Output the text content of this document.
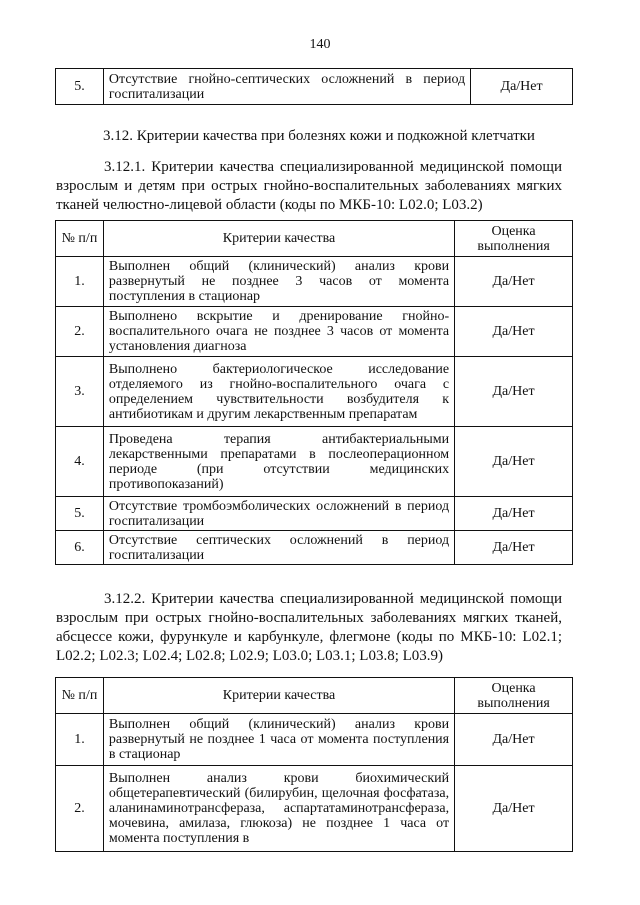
140
5.	Отсутствие гнойно-септических осложнений в период госпитализации	Да/Нет
3.12. Критерии качества при болезнях кожи и подкожной клетчатки
3.12.1. Критерии качества специализированной медицинской помощи взрослым и детям при острых гнойно-воспалительных заболеваниях мягких тканей челюстно-лицевой области (коды по МКБ-10: L02.0; L03.2)
№ п/п	Критерии качества	Оценка выполнения
1.	Выполнен общий (клинический) анализ крови развернутый не позднее 3 часов от момента поступления в стационар	Да/Нет
2.	Выполнено вскрытие и дренирование гнойно-воспалительного очага не позднее 3 часов от момента установления диагноза	Да/Нет
3.	Выполнено бактериологическое исследование отделяемого из гнойно-воспалительного очага с определением чувствительности возбудителя к антибиотикам и другим лекарственным препаратам	Да/Нет
4.	Проведена терапия антибактериальными лекарственными препаратами в послеоперационном периоде (при отсутствии медицинских противопоказаний)	Да/Нет
5.	Отсутствие тромбоэмболических осложнений в период госпитализации	Да/Нет
6.	Отсутствие септических осложнений в период госпитализации	Да/Нет
3.12.2. Критерии качества специализированной медицинской помощи взрослым при острых гнойно-воспалительных заболеваниях мягких тканей, абсцессе кожи, фурункуле и карбункуле, флегмоне (коды по МКБ-10: L02.1; L02.2; L02.3; L02.4; L02.8; L02.9; L03.0; L03.1; L03.8; L03.9)
№ п/п	Критерии качества	Оценка выполнения
1.	Выполнен общий (клинический) анализ крови развернутый не позднее 1 часа от момента поступления в стационар	Да/Нет
2.	Выполнен анализ крови биохимический общетерапевтический (билирубин, щелочная фосфатаза, аланинаминотрансфераза, аспартатаминотрансфераза, мочевина, амилаза, глюкоза) не позднее 1 часа от момента поступления в	Да/Нет
